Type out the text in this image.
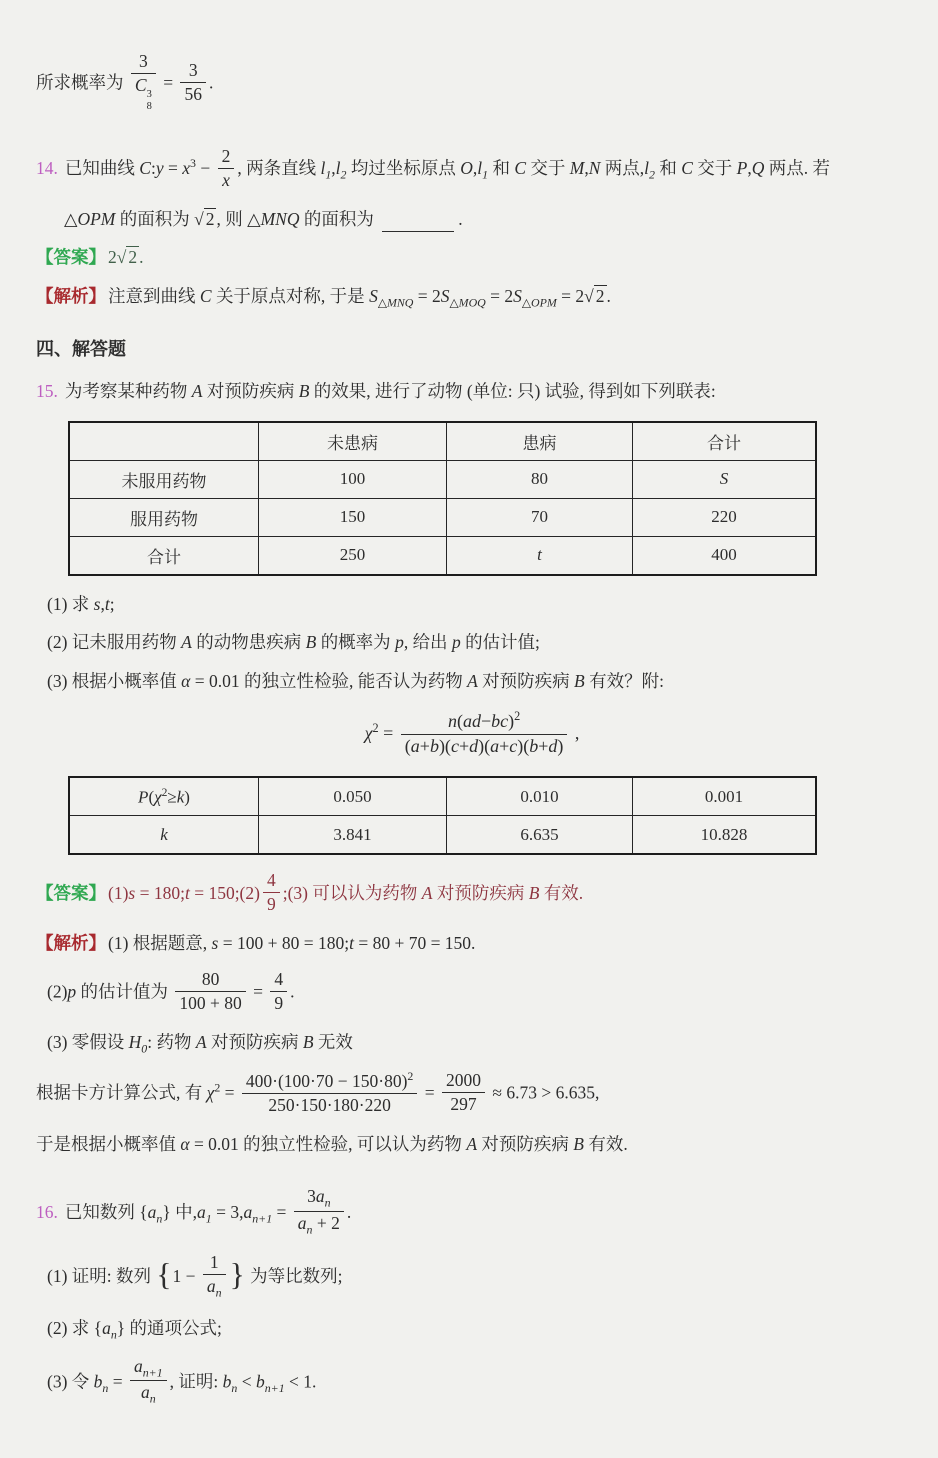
所求概率为 3
C 3
$8 = \frac{3}{56}$ .
14. 已知曲线 C:y = $x^3 - \frac{2}{x}$ , 两条直线 $l_1,l_2$ 均过坐标原点 $O,l_1$ 和 C 交于 M,N 两点$,l_2$ 和 C 交于 P,Q 两点. 若
△OPM 的面积为 √ 2 , 则 △MNQ 的面积为	.
【答案】 2√ 2 .
【解析】 注意到曲线 C 关于原点对称, 于是 $S_{\triangle MNQ} = 2S_{\triangle MOQ} = 2S_{\triangle OPM} = 2√$ 2 .
四、解答题
15. 为考察某种药物 A 对预防疾病 B 的效果, 进行了动物 (单位: 只) 试验, 得到如下列联表:
	未患病	患病	合计
未服用药物	100	80	S
服用药物	150	70	220
合计	250	t	400
(1) 求 s,t;
(2) 记未服用药物 A 的动物患疾病 B 的概率为 p, 给出 p 的估计值;
(3) 根据小概率值 α = 0.01 的独立性检验, 能否认为药物 A 对预防疾病 B 有效？附:
$\chi^2 = \frac{n(ad-bc)^2}{(a+b)(c+d)(a+c)(b+d)}$ ,
$P(\chi^2\ge k)$	0.050	0.010	0.001
k	3.841	6.635	10.828
【答案】 (1)s = 180;t = 150;(2) $\frac{4}{9}$ ;(3) 可以认为药物 A 对预防疾病 B 有效.
【解析】 (1) 根据题意, s = 100 + 80 = 180;t = 80 + 70 = 150.
(2)p 的估计值为 $\frac{80}{100 + 80} = \frac{4}{9}$ .
(3) 零假设 $H_0$: 药物 A 对预防疾病 B 无效
根据卡方计算公式, 有 $\chi^2 = \frac{400\cdot(100\cdot 70 - 150\cdot 80)^2}{250\cdot 150\cdot 180\cdot 220} = \frac{2000}{297} \approx 6.73 > 6.635$,
于是根据小概率值 α = 0.01 的独立性检验, 可以认为药物 A 对预防疾病 B 有效.
16. 已知数列 $\{a_n\}$ 中$,a_1 = 3,a_{n+1} = \frac{3a_n}{a_n + 2}$ .
(1) 证明: 数列 {$1 - \frac{1}{a_n}$ } 为等比数列;
(2) 求 $\{a_n\}$ 的通项公式;
(3) 令 $b_n = \frac{a_{n+1}}{a_n}$ , 证明: $b_n < b_{n+1} < 1$.
